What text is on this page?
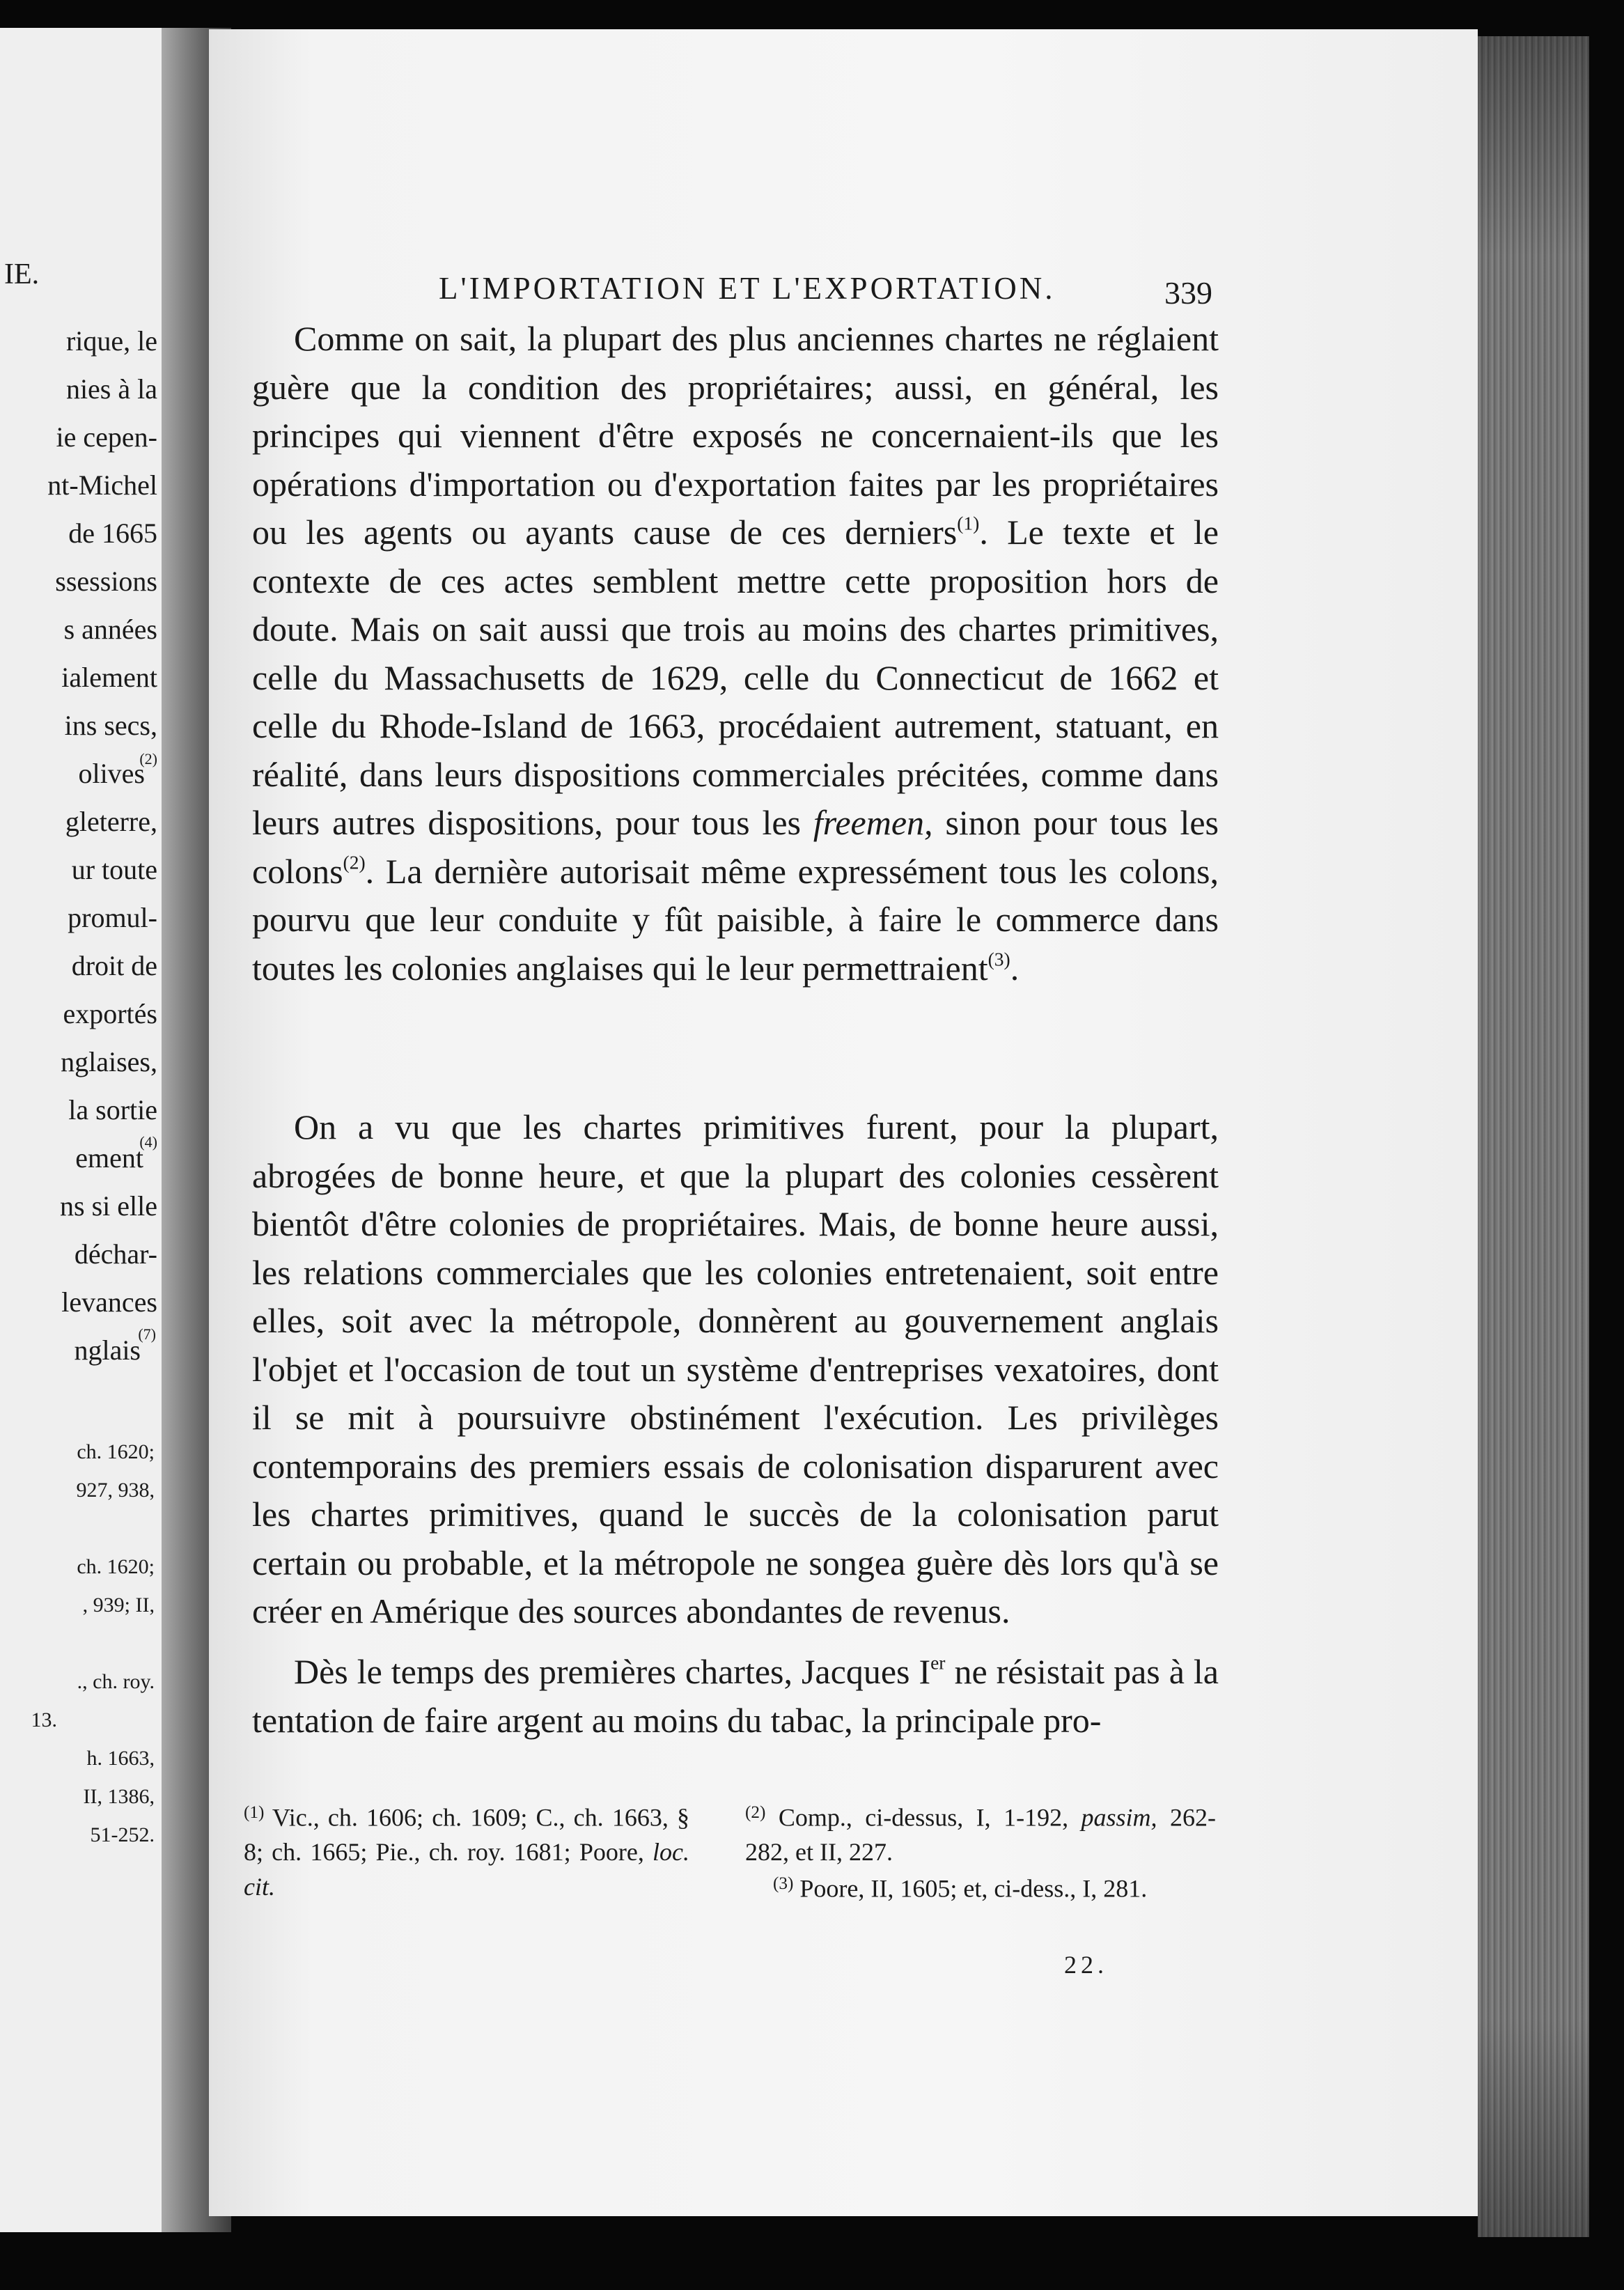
IE.
rique, le
nies à la
ie cepen-
nt-Michel
de 1665
ssessions
s années
ialement
ins secs,
olives
(2)
gleterre,
ur toute
promul-
droit de
exportés
nglaises,
la sortie
ement
(4)
ns si elle
déchar-
levances
nglais
(7)
ch. 1620;
927, 938,
ch. 1620;
, 939; II,
., ch. roy.
13.
h. 1663,
II, 1386,
51-252.
L'IMPORTATION ET L'EXPORTATION.	339

Comme on sait, la plupart des plus anciennes chartes ne réglaient guère que la condition des propriétaires; aussi, en général, les principes qui viennent d'être exposés ne concernaient-ils que les opérations d'importation ou d'exportation faites par les propriétaires ou les agents ou ayants cause de ces derniers$^{(1)}$. Le texte et le contexte de ces actes semblent mettre cette proposition hors de doute. Mais on sait aussi que trois au moins des chartes primitives, celle du Massachusetts de 1629, celle du Connecticut de 1662 et celle du Rhode-Island de 1663, procédaient autrement, statuant, en réalité, dans leurs dispositions commerciales précitées, comme dans leurs autres dispositions, pour tous les freemen, sinon pour tous les colons$^{(2)}$. La dernière autorisait même expressément tous les colons, pourvu que leur conduite y fût paisible, à faire le commerce dans toutes les colonies anglaises qui le leur permettraient$^{(3)}$.

On a vu que les chartes primitives furent, pour la plupart, abrogées de bonne heure, et que la plupart des colonies cessèrent bientôt d'être colonies de propriétaires. Mais, de bonne heure aussi, les relations commerciales que les colonies entretenaient, soit entre elles, soit avec la métropole, donnèrent au gouvernement anglais l'objet et l'occasion de tout un système d'entreprises vexatoires, dont il se mit à poursuivre obstinément l'exécution. Les privilèges contemporains des premiers essais de colonisation disparurent avec les chartes primitives, quand le succès de la colonisation parut certain ou probable, et la métropole ne songea guère dès lors qu'à se créer en Amérique des sources abondantes de revenus.

Dès le temps des premières chartes, Jacques Ier ne résistait pas à la tentation de faire argent au moins du tabac, la principale pro-

$^{(1)}$ Vic., ch. 1606; ch. 1609; C., ch. 1663, § 8; ch. 1665; Pie., ch. roy. 1681; Poore, loc. cit.

$^{(2)}$ Comp., ci-dessus, I, 1-192, passim, 262-282, et II, 227.

$^{(3)}$ Poore, II, 1605; et, ci-dess., I, 281.

22.
